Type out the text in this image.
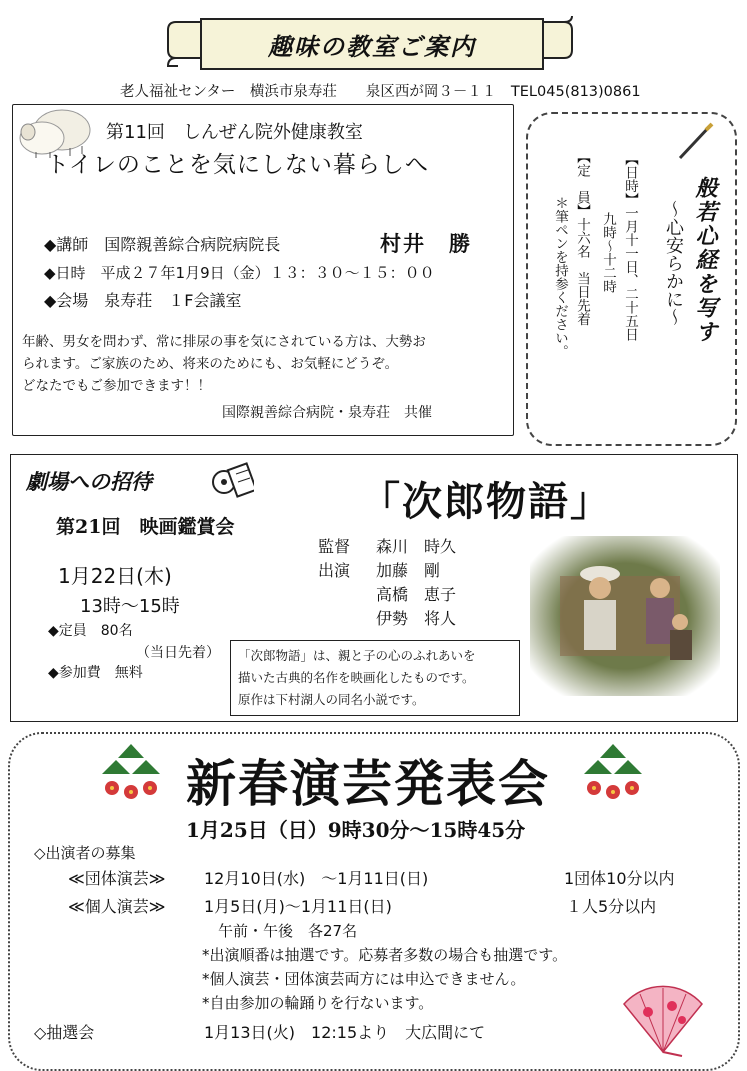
趣味の教室ご案内
老人福祉センター　横浜市泉寿荘　　泉区西が岡３－１１　TEL045(813)0861
第11回　しんぜん院外健康教室
トイレのことを気にしない暮らしへ
◆講師　国際親善綜合病院病院長	村井　勝
◆日時　平成２７年1月9日（金）１３：３０～１５：００
◆会場　泉寿荘　１F会議室
年齢、男女を問わず、常に排尿の事を気にされている方は、大勢お
られます。ご家族のため、将来のためにも、お気軽にどうぞ。
どなたでもご参加できます！！
国際親善綜合病院・泉寿荘　共催
般若心経を写す
～心安らかに～
【日時】一月十一日、二十五日
九時～十二時
【定　員】十六名　当日先着
＊筆ペンを持参ください。
劇場への招待	「次郎物語」
第21回　映画鑑賞会
監督 森川　時久
出演 加藤　剛
高橋　恵子
伊勢　将人
1月22日(木)
13時～15時
◆定員　80名
（当日先着）
◆参加費　無料
「次郎物語」は、親と子の心のふれあいを
描いた古典的名作を映画化したものです。
原作は下村湖人の同名小説です。
新春演芸発表会
1月25日（日）9時30分～15時45分
◇出演者の募集
≪団体演芸≫ 12月10日(水)　～1月11日(日)	1団体10分以内
≪個人演芸≫ 1月5日(月)～1月11日(日)	１人5分以内
午前・午後　各27名
*出演順番は抽選です。応募者多数の場合も抽選です。
*個人演芸・団体演芸両方には申込できません。
*自由参加の輪踊りを行ないます。
◇抽選会	1月13日(火)　12:15より　大広間にて
